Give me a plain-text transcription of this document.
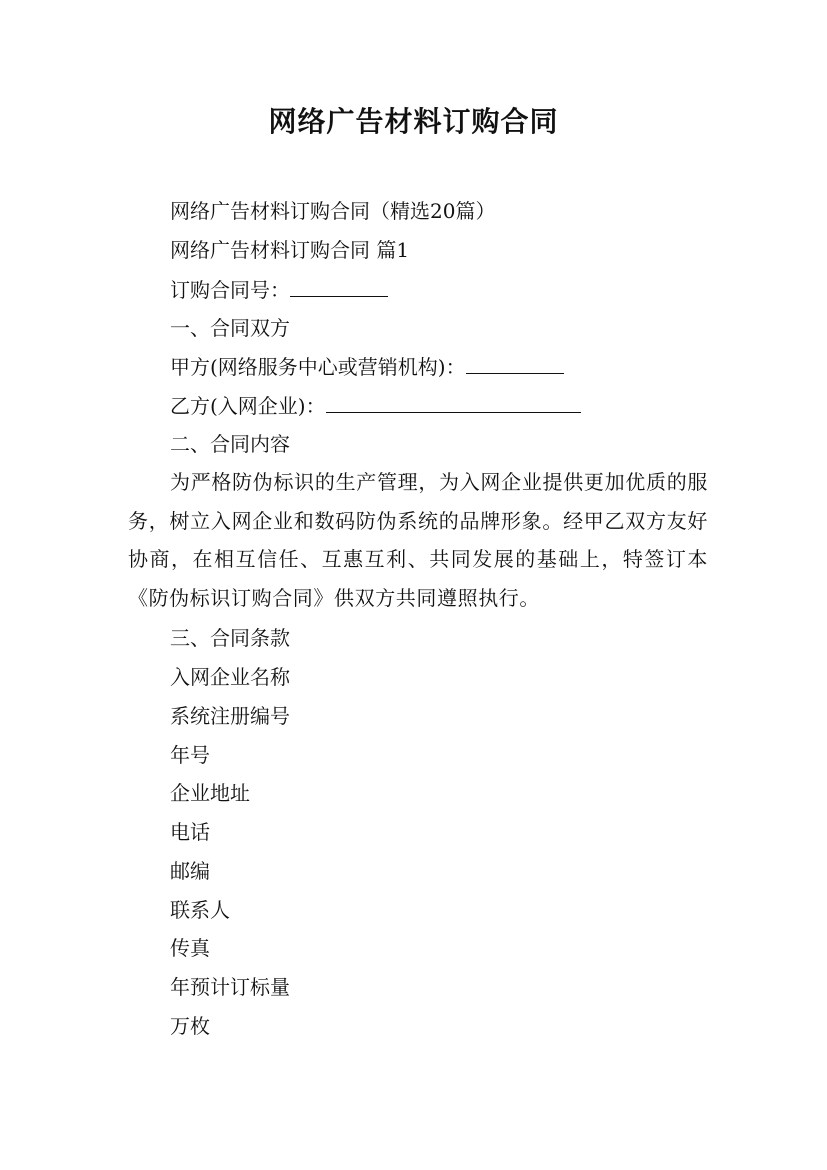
网络广告材料订购合同

网络广告材料订购合同（精选20篇）

网络广告材料订购合同 篇1

订购合同号：

一、合同双方

甲方(网络服务中心或营销机构)：

乙方(入网企业)：

二、合同内容

为严格防伪标识的生产管理，为入网企业提供更加优质的服务，树立入网企业和数码防伪系统的品牌形象。经甲乙双方友好协商，在相互信任、互惠互利、共同发展的基础上，特签订本《防伪标识订购合同》供双方共同遵照执行。

三、合同条款

入网企业名称

系统注册编号

年号

企业地址

电话

邮编

联系人

传真

年预计订标量

万枚
